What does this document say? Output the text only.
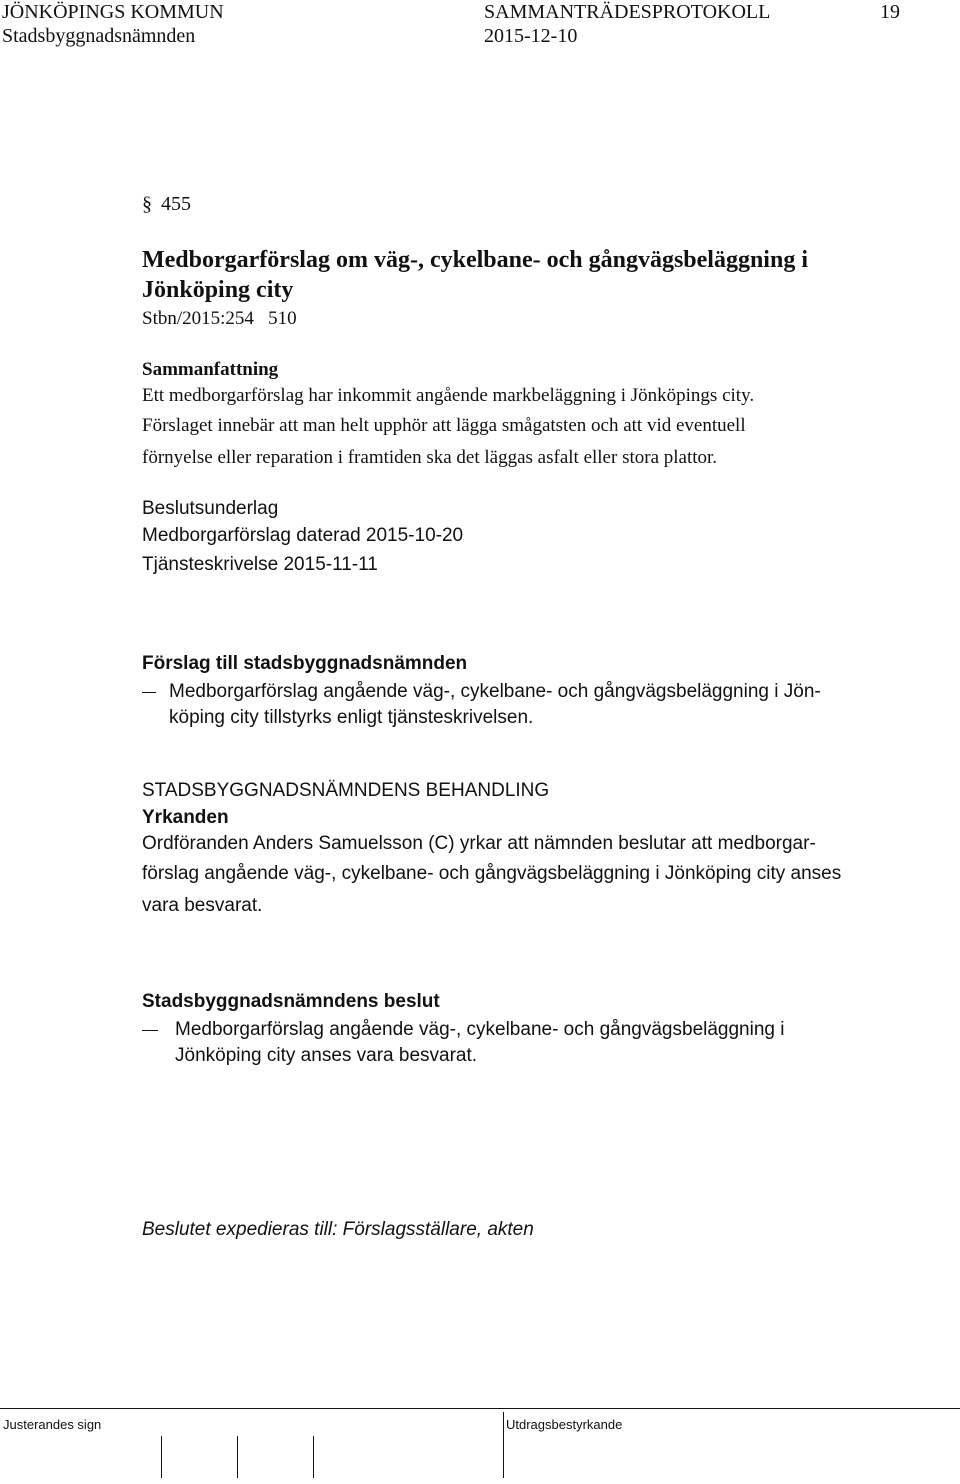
JÖNKÖPINGS KOMMUN	SAMMANTRÄDESPROTOKOLL	19
Stadsbyggnadsnämnden	2015-12-10
§ 455
Medborgarförslag om väg-, cykelbane- och gångvägsbeläggning i
Jönköping city
Stbn/2015:254   510
Sammanfattning
Ett medborgarförslag har inkommit angående markbeläggning i Jönköpings city.
Förslaget innebär att man helt upphör att lägga smågatsten och att vid eventuell
förnyelse eller reparation i framtiden ska det läggas asfalt eller stora plattor.
Beslutsunderlag
Medborgarförslag daterad 2015-10-20
Tjänsteskrivelse 2015-11-11
Förslag till stadsbyggnadsnämnden
Medborgarförslag angående väg-, cykelbane- och gångvägsbeläggning i Jön-
köping city tillstyrks enligt tjänsteskrivelsen.
STADSBYGGNADSNÄMNDENS BEHANDLING
Yrkanden
Ordföranden Anders Samuelsson (C) yrkar att nämnden beslutar att medborgar-
förslag angående väg-, cykelbane- och gångvägsbeläggning i Jönköping city anses
vara besvarat.
Stadsbyggnadsnämndens beslut
Medborgarförslag angående väg-, cykelbane- och gångvägsbeläggning i
Jönköping city anses vara besvarat.
Beslutet expedieras till: Förslagsställare, akten
Justerandes sign	Utdragsbestyrkande
